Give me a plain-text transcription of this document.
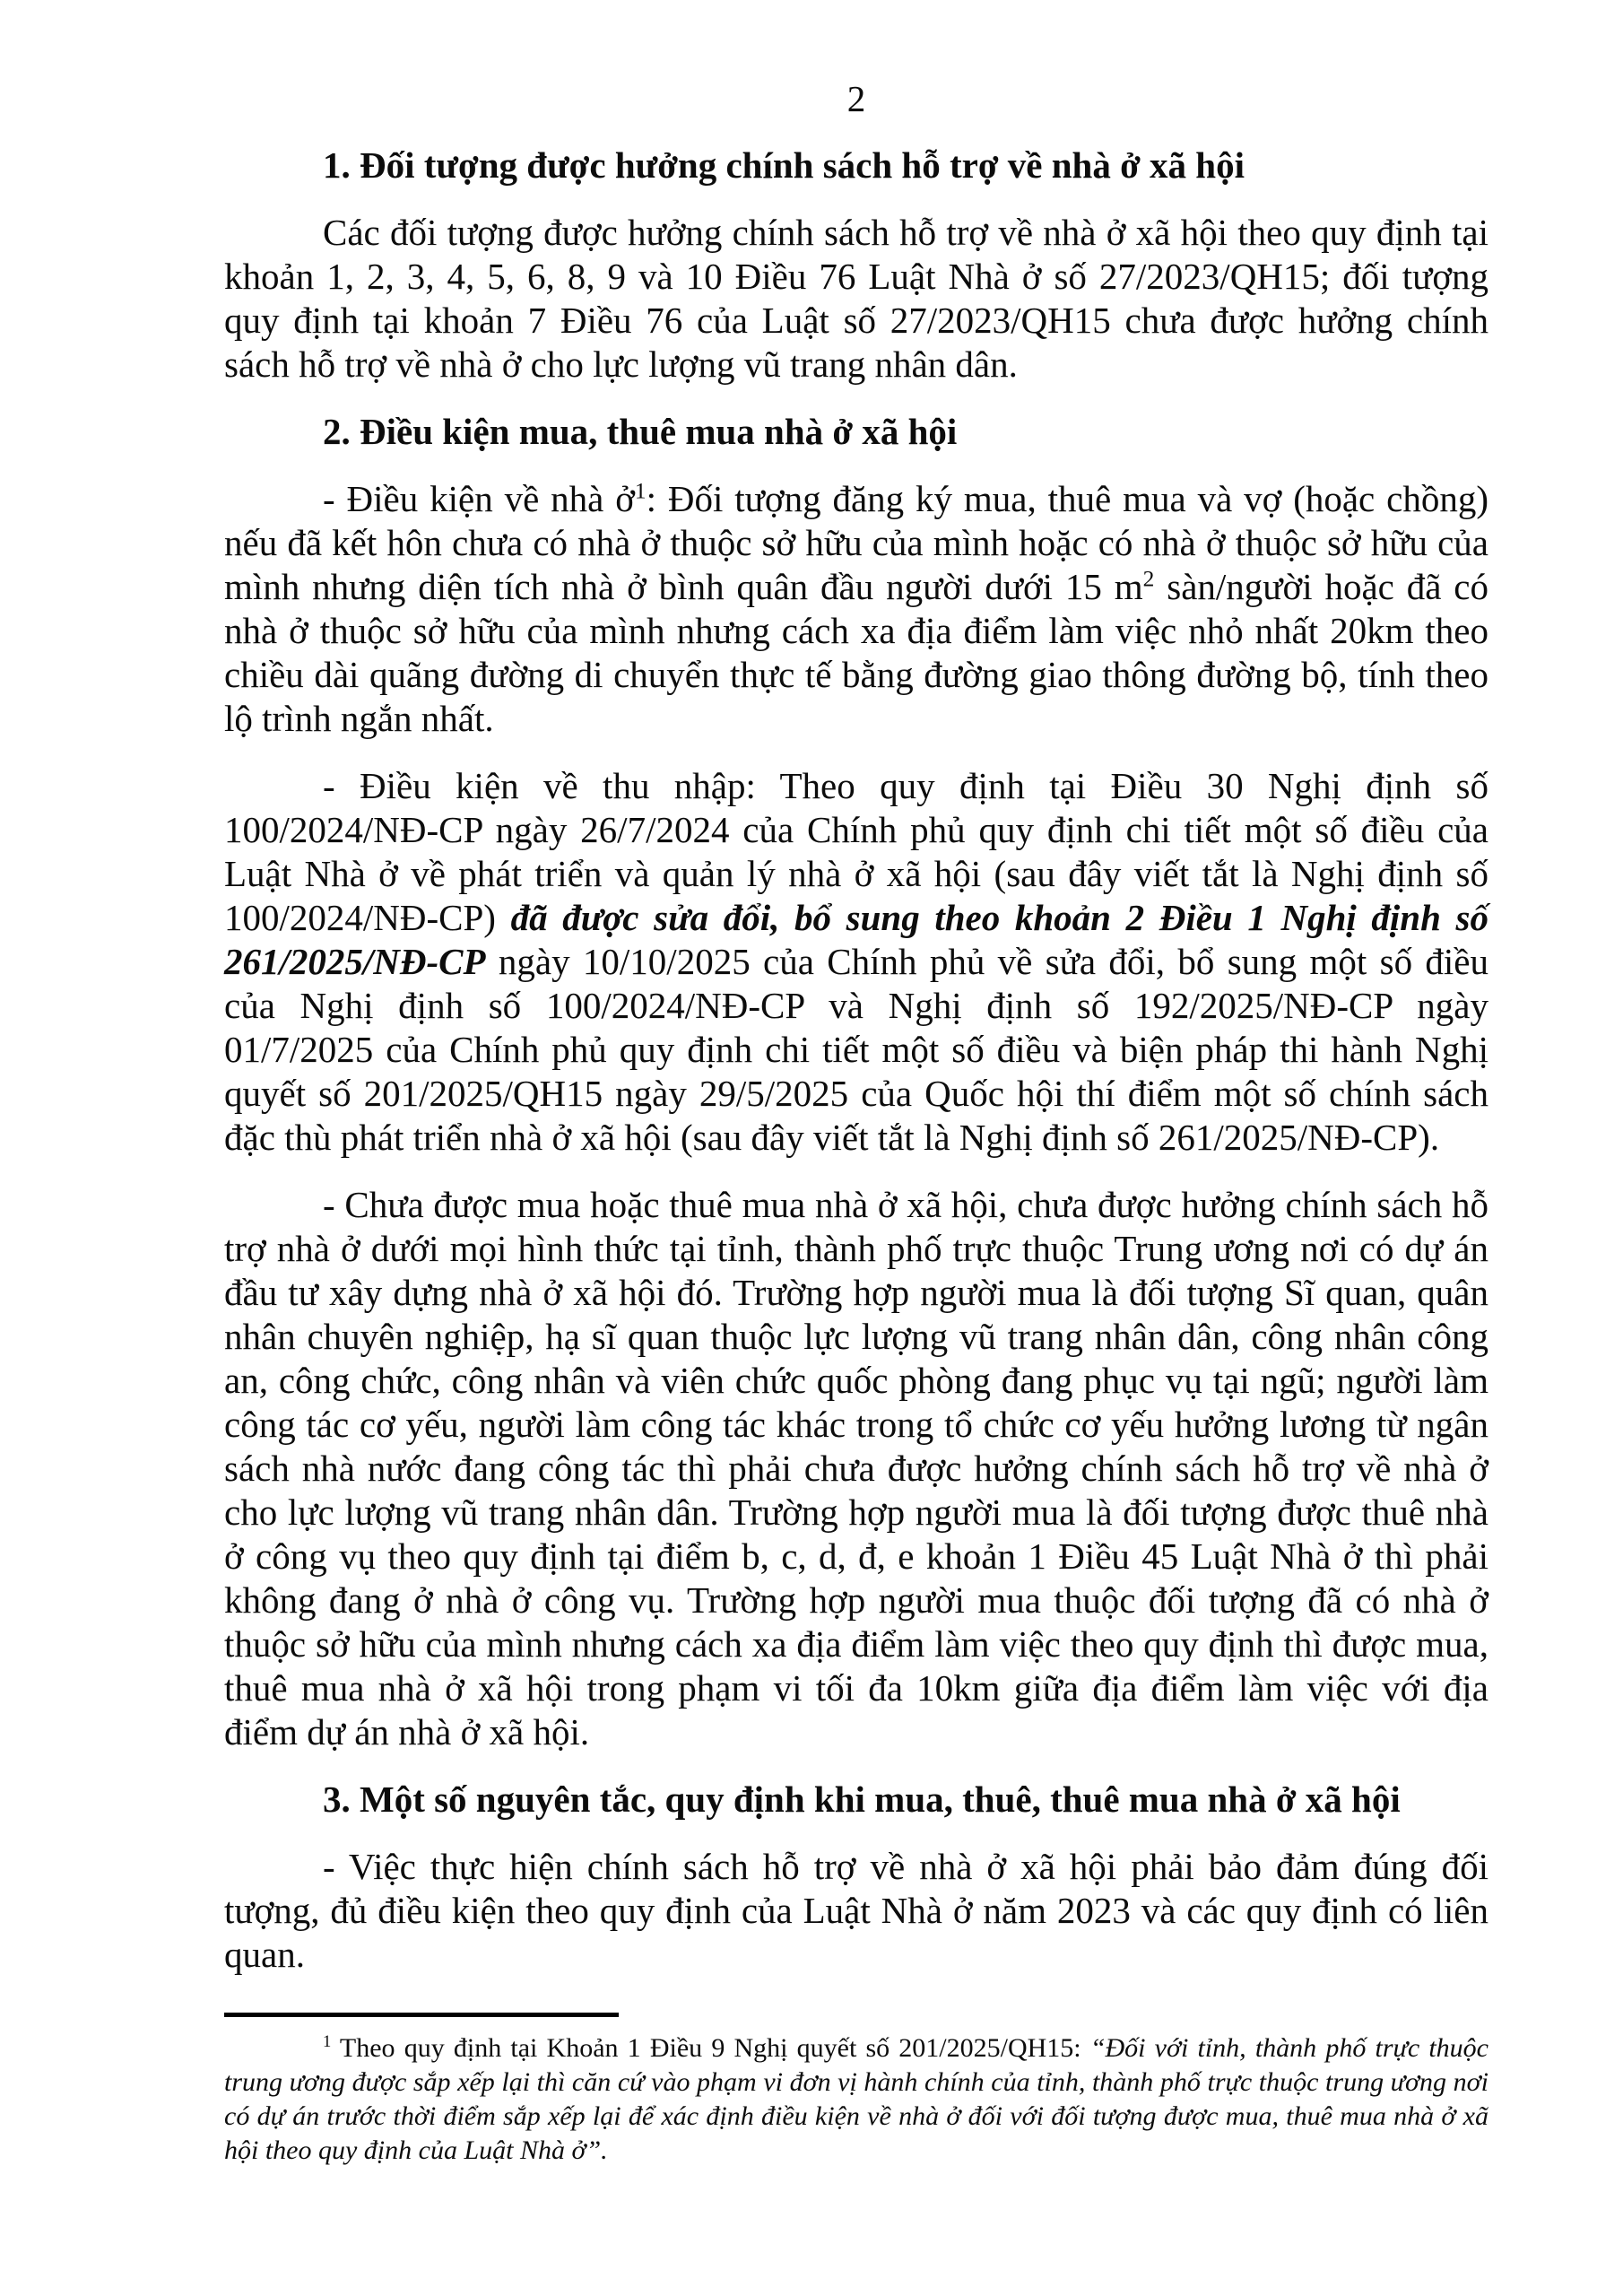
2
1. Đối tượng được hưởng chính sách hỗ trợ về nhà ở xã hội
Các đối tượng được hưởng chính sách hỗ trợ về nhà ở xã hội theo quy định tại khoản 1, 2, 3, 4, 5, 6, 8, 9 và 10 Điều 76 Luật Nhà ở số 27/2023/QH15; đối tượng quy định tại khoản 7 Điều 76 của Luật số 27/2023/QH15 chưa được hưởng chính sách hỗ trợ về nhà ở cho lực lượng vũ trang nhân dân.
2. Điều kiện mua, thuê mua nhà ở xã hội
- Điều kiện về nhà ở$^1$: Đối tượng đăng ký mua, thuê mua và vợ (hoặc chồng) nếu đã kết hôn chưa có nhà ở thuộc sở hữu của mình hoặc có nhà ở thuộc sở hữu của mình nhưng diện tích nhà ở bình quân đầu người dưới 15 $m^2$ sàn/người hoặc đã có nhà ở thuộc sở hữu của mình nhưng cách xa địa điểm làm việc nhỏ nhất 20km theo chiều dài quãng đường di chuyển thực tế bằng đường giao thông đường bộ, tính theo lộ trình ngắn nhất.
- Điều kiện về thu nhập: Theo quy định tại Điều 30 Nghị định số 100/2024/NĐ-CP ngày 26/7/2024 của Chính phủ quy định chi tiết một số điều của Luật Nhà ở về phát triển và quản lý nhà ở xã hội (sau đây viết tắt là Nghị định số 100/2024/NĐ-CP) đã được sửa đổi, bổ sung theo khoản 2 Điều 1 Nghị định số 261/2025/NĐ-CP ngày 10/10/2025 của Chính phủ về sửa đổi, bổ sung một số điều của Nghị định số 100/2024/NĐ-CP và Nghị định số 192/2025/NĐ-CP ngày 01/7/2025 của Chính phủ quy định chi tiết một số điều và biện pháp thi hành Nghị quyết số 201/2025/QH15 ngày 29/5/2025 của Quốc hội thí điểm một số chính sách đặc thù phát triển nhà ở xã hội (sau đây viết tắt là Nghị định số 261/2025/NĐ-CP).
- Chưa được mua hoặc thuê mua nhà ở xã hội, chưa được hưởng chính sách hỗ trợ nhà ở dưới mọi hình thức tại tỉnh, thành phố trực thuộc Trung ương nơi có dự án đầu tư xây dựng nhà ở xã hội đó. Trường hợp người mua là đối tượng Sĩ quan, quân nhân chuyên nghiệp, hạ sĩ quan thuộc lực lượng vũ trang nhân dân, công nhân công an, công chức, công nhân và viên chức quốc phòng đang phục vụ tại ngũ; người làm công tác cơ yếu, người làm công tác khác trong tổ chức cơ yếu hưởng lương từ ngân sách nhà nước đang công tác thì phải chưa được hưởng chính sách hỗ trợ về nhà ở cho lực lượng vũ trang nhân dân. Trường hợp người mua là đối tượng được thuê nhà ở công vụ theo quy định tại điểm b, c, d, đ, e khoản 1 Điều 45 Luật Nhà ở thì phải không đang ở nhà ở công vụ. Trường hợp người mua thuộc đối tượng đã có nhà ở thuộc sở hữu của mình nhưng cách xa địa điểm làm việc theo quy định thì được mua, thuê mua nhà ở xã hội trong phạm vi tối đa 10km giữa địa điểm làm việc với địa điểm dự án nhà ở xã hội.
3. Một số nguyên tắc, quy định khi mua, thuê, thuê mua nhà ở xã hội
- Việc thực hiện chính sách hỗ trợ về nhà ở xã hội phải bảo đảm đúng đối tượng, đủ điều kiện theo quy định của Luật Nhà ở năm 2023 và các quy định có liên quan.
$^1$ Theo quy định tại Khoản 1 Điều 9 Nghị quyết số 201/2025/QH15: “Đối với tỉnh, thành phố trực thuộc trung ương được sắp xếp lại thì căn cứ vào phạm vi đơn vị hành chính của tỉnh, thành phố trực thuộc trung ương nơi có dự án trước thời điểm sắp xếp lại để xác định điều kiện về nhà ở đối với đối tượng được mua, thuê mua nhà ở xã hội theo quy định của Luật Nhà ở”.
